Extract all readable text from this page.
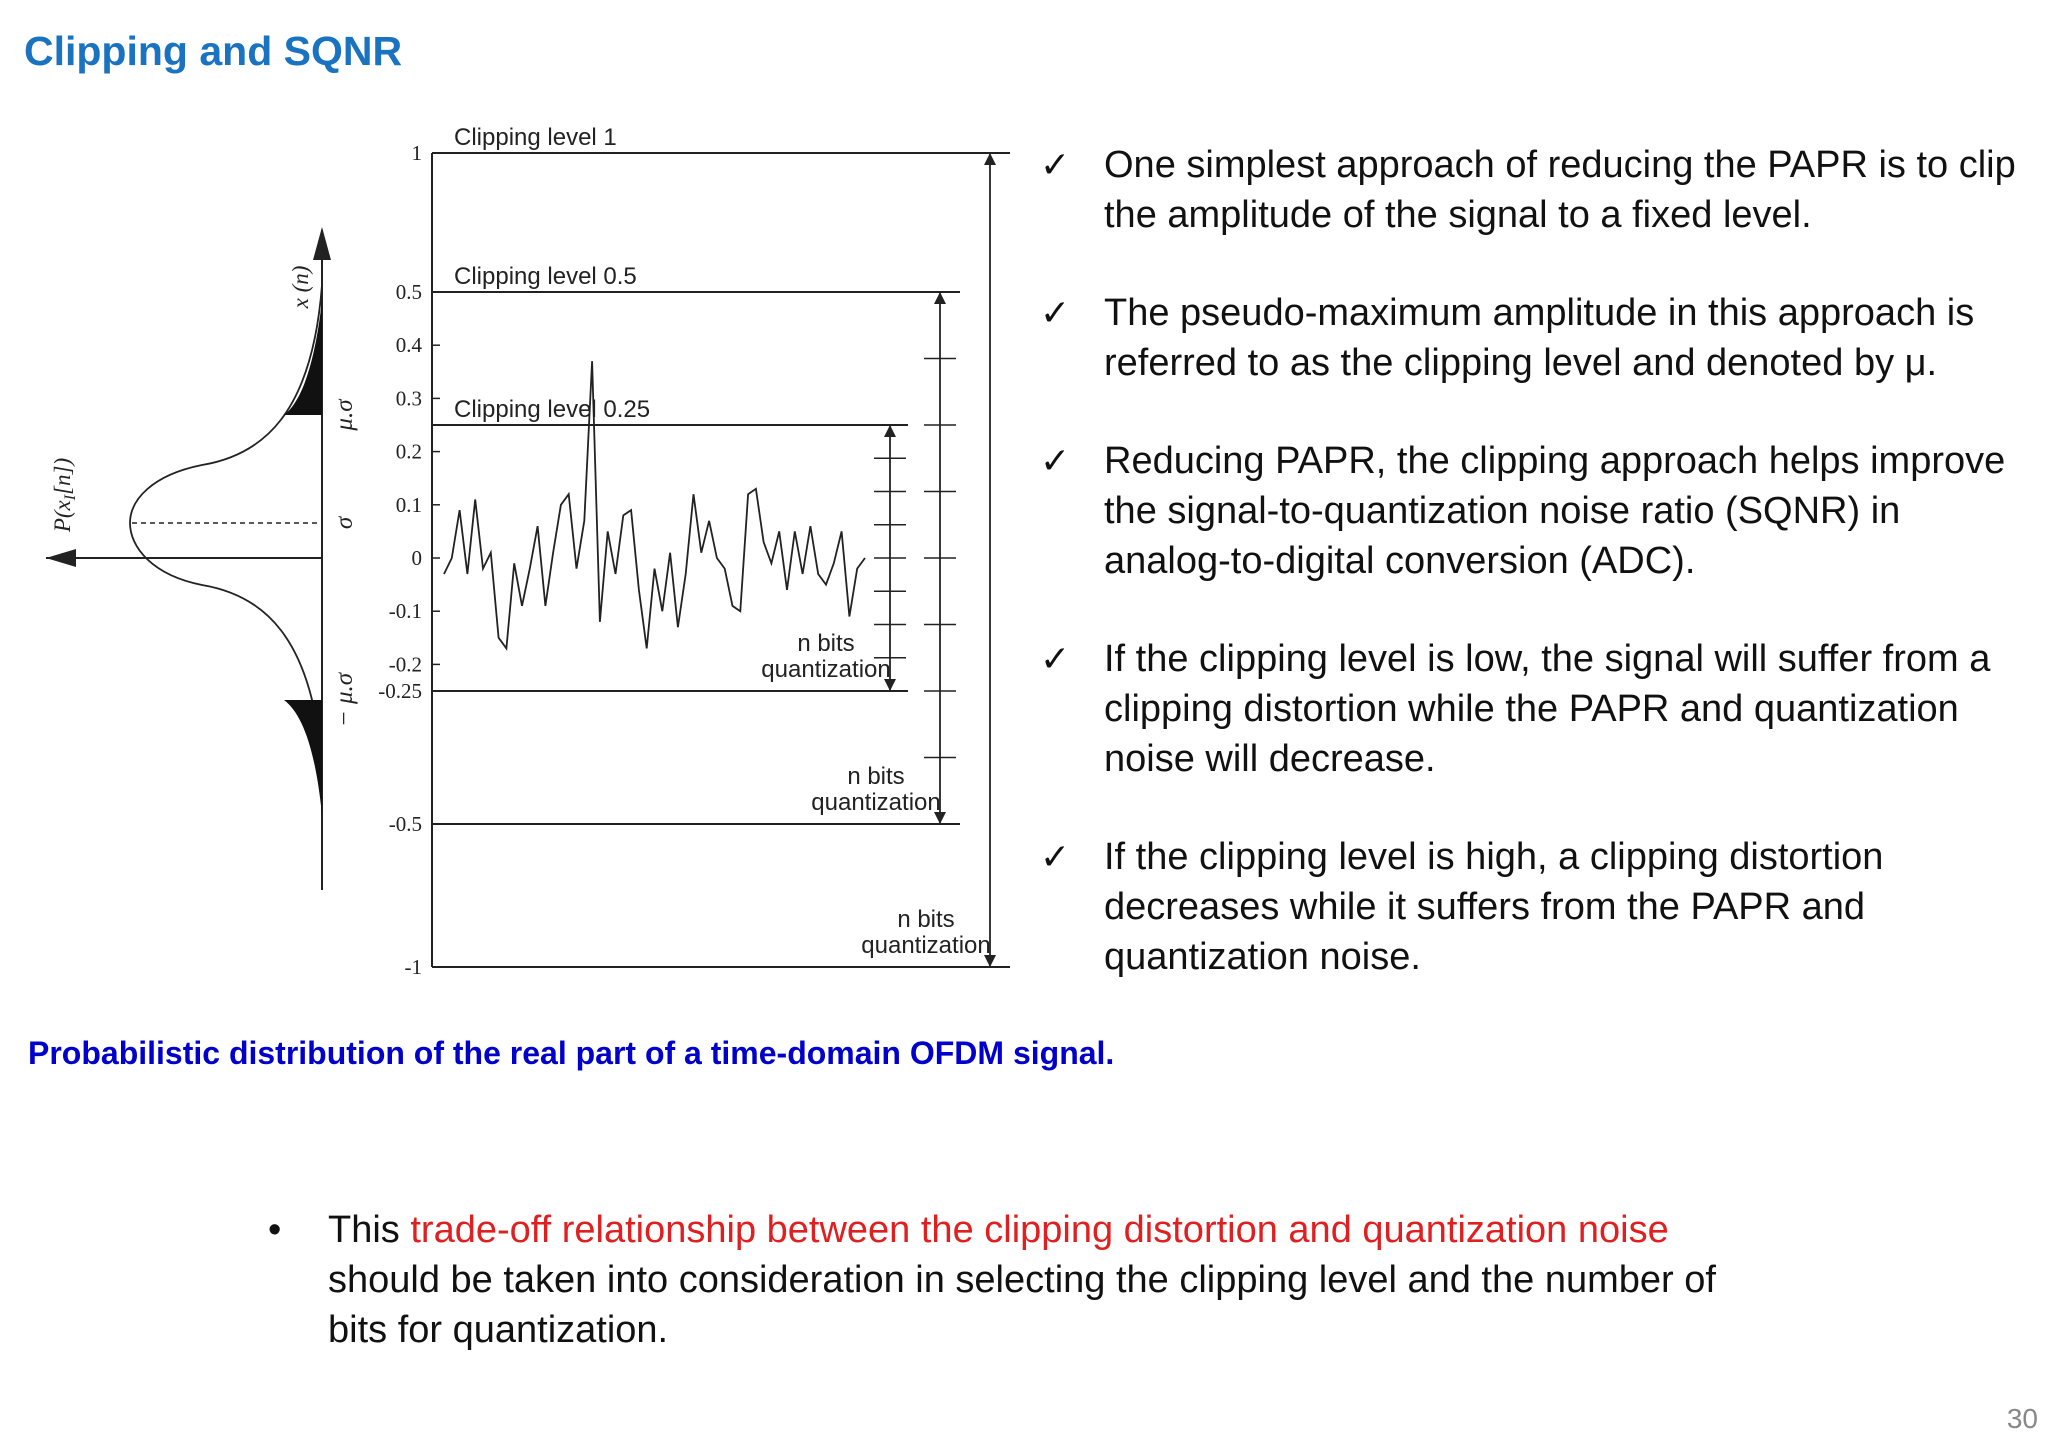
Clipping and SQNR
x (n)
μ.σ
σ
− μ.σ
$P(x_I[n])$
1
0.5
0.4
0.3
0.2
0.1
0
-0.1
-0.2
-0.25
-0.5
-1
Clipping level 1
Clipping level 0.5
Clipping level 0.25
n bits
quantization
n bits
quantization
n bits
quantization

Probabilistic distribution of the real part of a time-domain OFDM signal.

✓ One simplest approach of reducing the PAPR is to clip the amplitude of the signal to a fixed level.
✓ The pseudo-maximum amplitude in this approach is referred to as the clipping level and denoted by μ.
✓ Reducing PAPR, the clipping approach helps improve the signal-to-quantization noise ratio (SQNR) in analog-to-digital conversion (ADC).
✓ If the clipping level is low, the signal will suffer from a clipping distortion while the PAPR and quantization noise will decrease.
✓ If the clipping level is high, a clipping distortion decreases while it suffers from the PAPR and quantization noise.
• This trade-off relationship between the clipping distortion and quantization noise should be taken into consideration in selecting the clipping level and the number of bits for quantization.
30
